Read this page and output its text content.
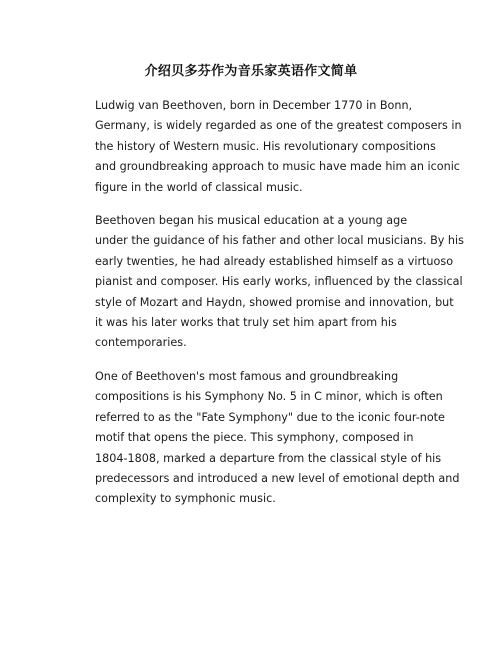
介绍贝多芬作为音乐家英语作文简单

Ludwig van Beethoven, born in December 1770 in Bonn,
Germany, is widely regarded as one of the greatest composers in
the history of Western music. His revolutionary compositions
and groundbreaking approach to music have made him an iconic
figure in the world of classical music.

Beethoven began his musical education at a young age
under the guidance of his father and other local musicians. By his
early twenties, he had already established himself as a virtuoso
pianist and composer. His early works, influenced by the classical
style of Mozart and Haydn, showed promise and innovation, but
it was his later works that truly set him apart from his
contemporaries.

One of Beethoven's most famous and groundbreaking
compositions is his Symphony No. 5 in C minor, which is often
referred to as the "Fate Symphony" due to the iconic four-note
motif that opens the piece. This symphony, composed in
1804-1808, marked a departure from the classical style of his
predecessors and introduced a new level of emotional depth and
complexity to symphonic music.
